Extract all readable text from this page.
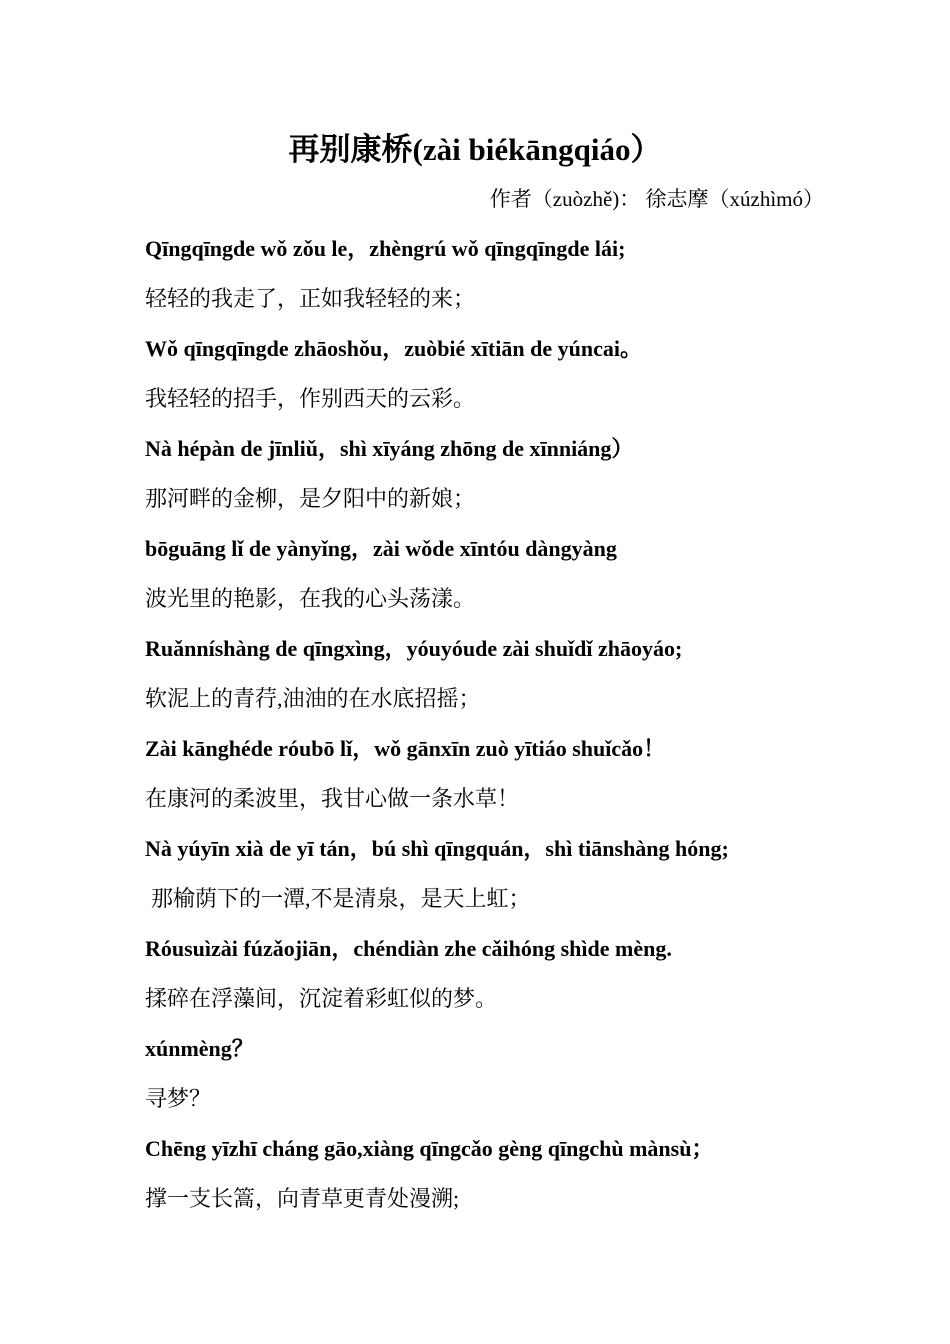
再别康桥(zài biékāngqiáo）
作者（zuòzhě)： 徐志摩（xúzhìmó）
Qīngqīngde wǒ zǒu le，zhèngrú wǒ qīngqīngde lái;
轻轻的我走了，正如我轻轻的来；
Wǒ qīngqīngde zhāoshǒu，zuòbié xītiān de yúncai。
我轻轻的招手，作别西天的云彩。
Nà hépàn de jīnliǔ，shì xīyáng zhōng de xīnniáng）
那河畔的金柳，是夕阳中的新娘；
bōguāng lǐ de yànyǐng，zài wǒde xīntóu dàngyàng
波光里的艳影，在我的心头荡漾。
Ruǎnníshàng de qīngxìng，yóuyóude zài shuǐdǐ zhāoyáo;
软泥上的青荇,油油的在水底招摇；
Zài kānghéde róubō lǐ，wǒ gānxīn zuò yītiáo shuǐcǎo！
在康河的柔波里，我甘心做一条水草！
Nà yúyīn xià de yī tán，bú shì qīngquán，shì tiānshàng hóng;
那榆荫下的一潭,不是清泉，是天上虹；
Róusuìzài fúzǎojiān，chéndiàn zhe cǎihóng shìde mèng.
揉碎在浮藻间，沉淀着彩虹似的梦。
xúnmèng？
寻梦？
Chēng yīzhī cháng gāo,xiàng qīngcǎo gèng qīngchù mànsù；
撑一支长篙，向青草更青处漫溯;
